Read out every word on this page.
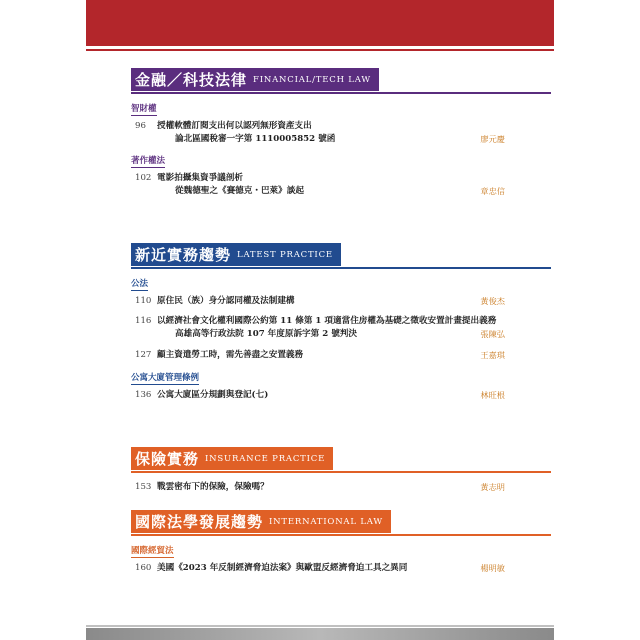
金融／科技法律 FINANCIAL/TECH LAW
智財權
96	授權軟體訂閱支出何以認列無形資產支出
論北區國稅審一字第 1110005852 號函	廖元慶
著作權法
102 電影拍攝集資爭議剖析
從魏德聖之《賽德克・巴萊》談起	章忠信
新近實務趨勢 LATEST PRACTICE
公法
110 原住民（族）身分認同權及法制建構	黃俊杰
116 以經濟社會文化權利國際公約第 11 條第 1 項適當住房權為基礎之徵收安置計畫提出義務
高雄高等行政法院 107 年度原訴字第 2 號判決	張陳弘
127 顧主資遣勞工時，需先善盡之安置義務	王嘉琪
公寓大廈管理條例
136 公寓大廈區分規劃與登記(七)	林旺根
保險實務 INSURANCE PRACTICE
153 戰雲密布下的保險，保險嗎？	黃志明
國際法學發展趨勢 INTERNATIONAL LAW
國際經貿法
160 美國《2023 年反制經濟脅迫法案》與歐盟反經濟脅迫工具之異同	楊明敏
